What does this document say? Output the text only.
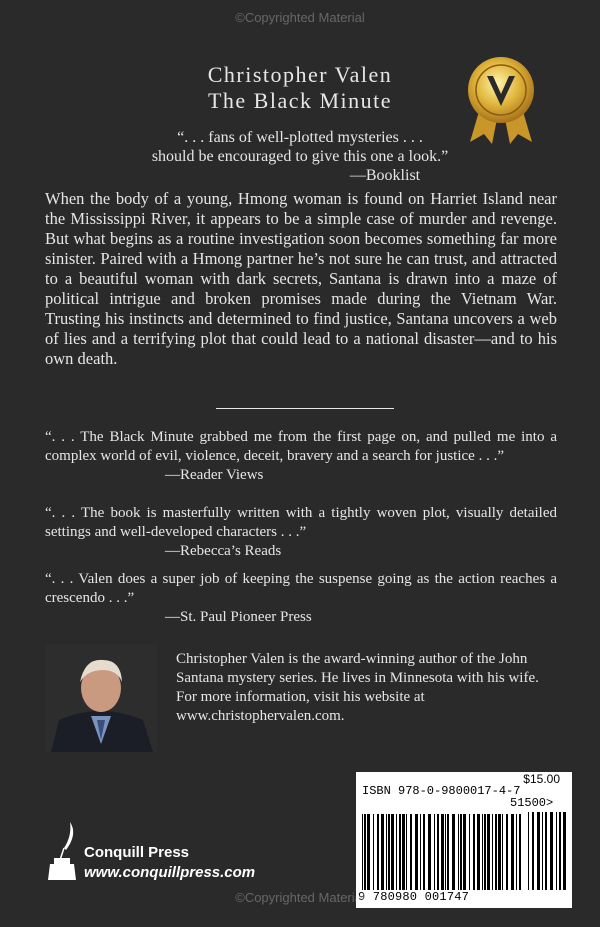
©Copyrighted Material
Christopher Valen
The Black Minute
“. . . fans of well-plotted mysteries . . .
should be encouraged to give this one a look.”
—Booklist

When the body of a young, Hmong woman is found on Harriet Island near the Mississippi River, it appears to be a simple case of murder and revenge. But what begins as a routine investigation soon becomes something far more sinister. Paired with a Hmong partner he’s not sure he can trust, and attracted to a beautiful woman with dark secrets, Santana is drawn into a maze of political intrigue and broken promises made during the Vietnam War. Trusting his instincts and determined to find justice, Santana uncovers a web of lies and a terrifying plot that could lead to a national disaster—and to his own death.

“. . . The Black Minute grabbed me from the first page on, and pulled me into a complex world of evil, violence, deceit, bravery and a search for justice . . .”
—Reader Views
“. . . The book is masterfully written with a tightly woven plot, visually detailed settings and well-developed characters . . .”
—Rebecca’s Reads
“. . . Valen does a super job of keeping the suspense going as the action reaches a crescendo . . .”
—St. Paul Pioneer Press

Christopher Valen is the award-winning author of the John Santana mystery series. He lives in Minnesota with his wife. For more information, visit his website at www.christophervalen.com.

Conquill Press
www.conquillpress.com
$15.00
ISBN 978-0-9800017-4-7
51500>
9 780980 001747
©Copyrighted Material
